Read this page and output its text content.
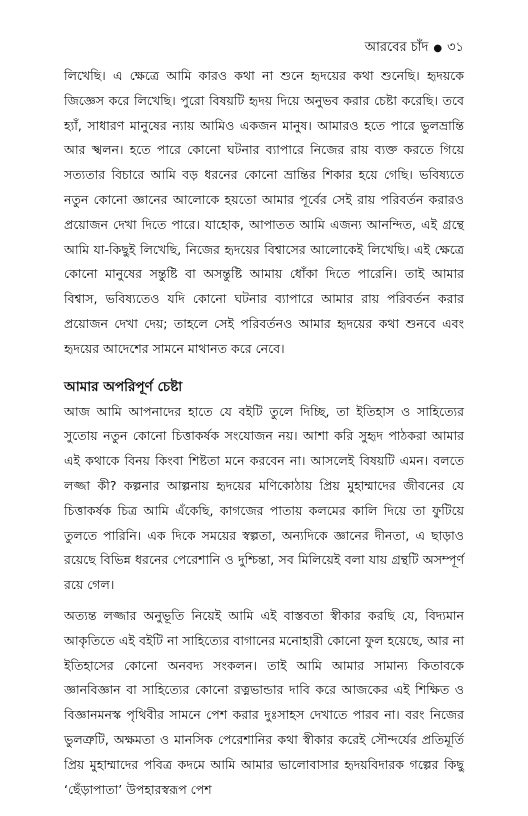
আরবের চাঁদ ● ৩১

লিখেছি। এ ক্ষেত্রে আমি কারও কথা না শুনে হৃদয়ের কথা শুনেছি। হৃদয়কে জিজ্ঞেস করে লিখেছি। পুরো বিষয়টি হৃদয় দিয়ে অনুভব করার চেষ্টা করেছি। তবে হ্যাঁ, সাধারণ মানুষের ন্যায় আমিও একজন মানুষ। আমারও হতে পারে ভুলভ্রান্তি আর স্খলন। হতে পারে কোনো ঘটনার ব্যাপারে নিজের রায় ব্যক্ত করতে গিয়ে সত্যতার বিচারে আমি বড় ধরনের কোনো ভ্রান্তির শিকার হয়ে গেছি। ভবিষ্যতে নতুন কোনো জ্ঞানের আলোকে হয়তো আমার পূর্বের সেই রায় পরিবর্তন করারও প্রয়োজন দেখা দিতে পারে। যাহোক, আপাতত আমি এজন্য আনন্দিত, এই গ্রন্থে আমি যা-কিছুই লিখেছি, নিজের হৃদয়ের বিশ্বাসের আলোকেই লিখেছি। এই ক্ষেত্রে কোনো মানুষের সন্তুষ্টি বা অসন্তুষ্টি আমায় ধোঁকা দিতে পারেনি। তাই আমার বিশ্বাস, ভবিষ্যতেও যদি কোনো ঘটনার ব্যাপারে আমার রায় পরিবর্তন করার প্রয়োজন দেখা দেয়; তাহলে সেই পরিবর্তনও আমার হৃদয়ের কথা শুনবে এবং হৃদয়ের আদেশের সামনে মাথানত করে নেবে।

আমার অপরিপূর্ণ চেষ্টা

আজ আমি আপনাদের হাতে যে বইটি তুলে দিচ্ছি, তা ইতিহাস ও সাহিত্যের সুতোয় নতুন কোনো চিত্তাকর্ষক সংযোজন নয়। আশা করি সুহৃদ পাঠকরা আমার এই কথাকে বিনয় কিংবা শিষ্টতা মনে করবেন না। আসলেই বিষয়টি এমন। বলতে লজ্জা কী? কল্পনার আল্পনায় হৃদয়ের মণিকোঠায় প্রিয় মুহাম্মাদের জীবনের যে চিত্তাকর্ষক চিত্র আমি এঁকেছি, কাগজের পাতায় কলমের কালি দিয়ে তা ফুটিয়ে তুলতে পারিনি। এক দিকে সময়ের স্বল্পতা, অন্যদিকে জ্ঞানের দীনতা, এ ছাড়াও রয়েছে বিভিন্ন ধরনের পেরেশানি ও দুশ্চিন্তা, সব মিলিয়েই বলা যায় গ্রন্থটি অসম্পূর্ণ রয়ে গেল।

অত্যন্ত লজ্জার অনুভূতি নিয়েই আমি এই বাস্তবতা স্বীকার করছি যে, বিদ্যমান আকৃতিতে এই বইটি না সাহিত্যের বাগানের মনোহারী কোনো ফুল হয়েছে, আর না ইতিহাসের কোনো অনবদ্য সংকলন। তাই আমি আমার সামান্য কিতাবকে জ্ঞানবিজ্ঞান বা সাহিত্যের কোনো রত্নভান্ডার দাবি করে আজকের এই শিক্ষিত ও বিজ্ঞানমনস্ক পৃথিবীর সামনে পেশ করার দুঃসাহস দেখাতে পারব না। বরং নিজের ভুলত্রুটি, অক্ষমতা ও মানসিক পেরেশানির কথা স্বীকার করেই সৌন্দর্যের প্রতিমূর্তি প্রিয় মুহাম্মাদের পবিত্র কদমে আমি আমার ভালোবাসার হৃদয়বিদারক গল্পের কিছু ‘ছেঁড়াপাতা’ উপহারস্বরূপ পেশ
